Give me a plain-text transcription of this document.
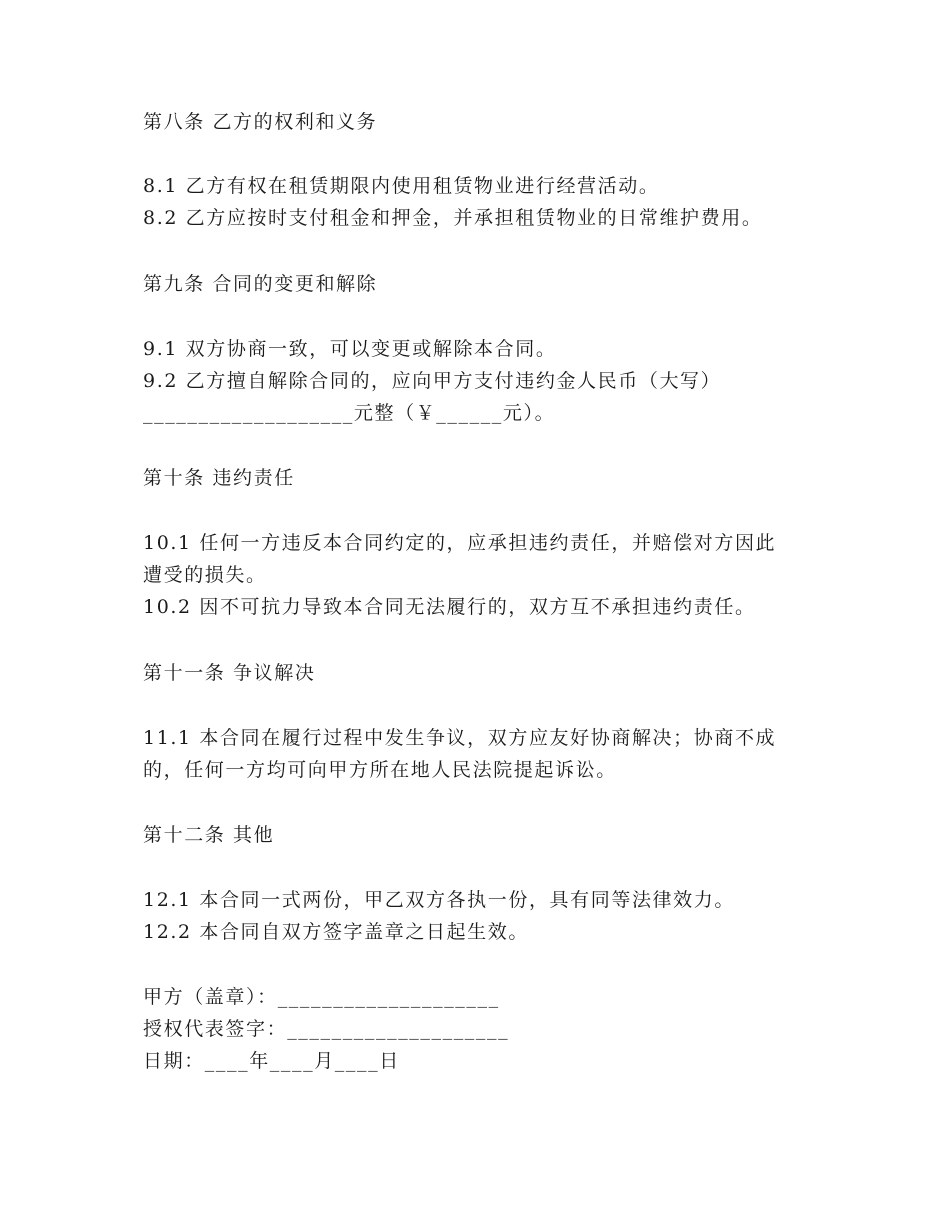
第八条 乙方的权利和义务
8.1 乙方有权在租赁期限内使用租赁物业进行经营活动。
8.2 乙方应按时支付租金和押金，并承担租赁物业的日常维护费用。
第九条 合同的变更和解除
9.1 双方协商一致，可以变更或解除本合同。
9.2 乙方擅自解除合同的，应向甲方支付违约金人民币（大写）
___________________元整（￥______元）。
第十条 违约责任
10.1 任何一方违反本合同约定的，应承担违约责任，并赔偿对方因此
遭受的损失。
10.2 因不可抗力导致本合同无法履行的，双方互不承担违约责任。
第十一条 争议解决
11.1 本合同在履行过程中发生争议，双方应友好协商解决；协商不成
的，任何一方均可向甲方所在地人民法院提起诉讼。
第十二条 其他
12.1 本合同一式两份，甲乙双方各执一份，具有同等法律效力。
12.2 本合同自双方签字盖章之日起生效。
甲方（盖章）：____________________
授权代表签字：____________________
日期：____年____月____日
